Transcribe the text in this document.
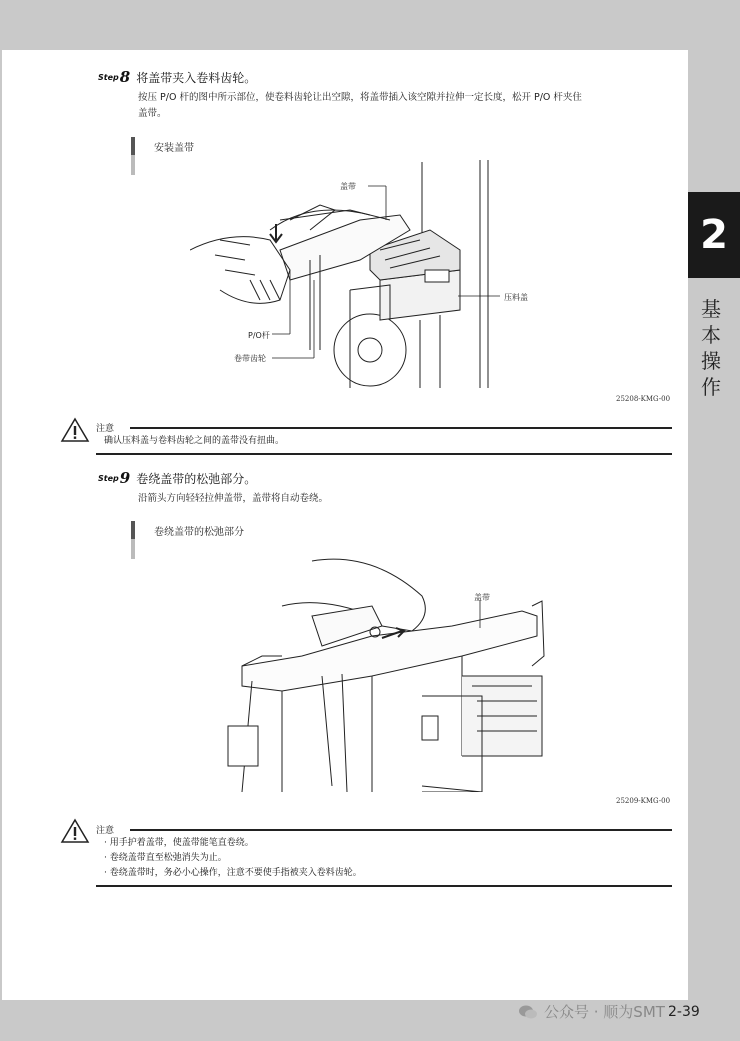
2
基本操作
Step 8 将盖带夹入卷料齿轮。
按压 P/O 杆的图中所示部位，使卷料齿轮让出空隙，将盖带插入该空隙并拉伸一定长度，松开 P/O 杆夹住
盖带。
安装盖带
盖带
压料盖
P/O杆
卷带齿轮
25208-KMG-00
注意
确认压料盖与卷料齿轮之间的盖带没有扭曲。
Step 9 卷绕盖带的松弛部分。
沿箭头方向轻轻拉伸盖带，盖带将自动卷绕。
卷绕盖带的松弛部分
盖带
25209-KMG-00
注意
· 用手护着盖带，使盖带能笔直卷绕。
· 卷绕盖带直至松弛消失为止。
· 卷绕盖带时，务必小心操作，注意不要使手指被夹入卷料齿轮。
公众号 · 顺为SMT 2-39
